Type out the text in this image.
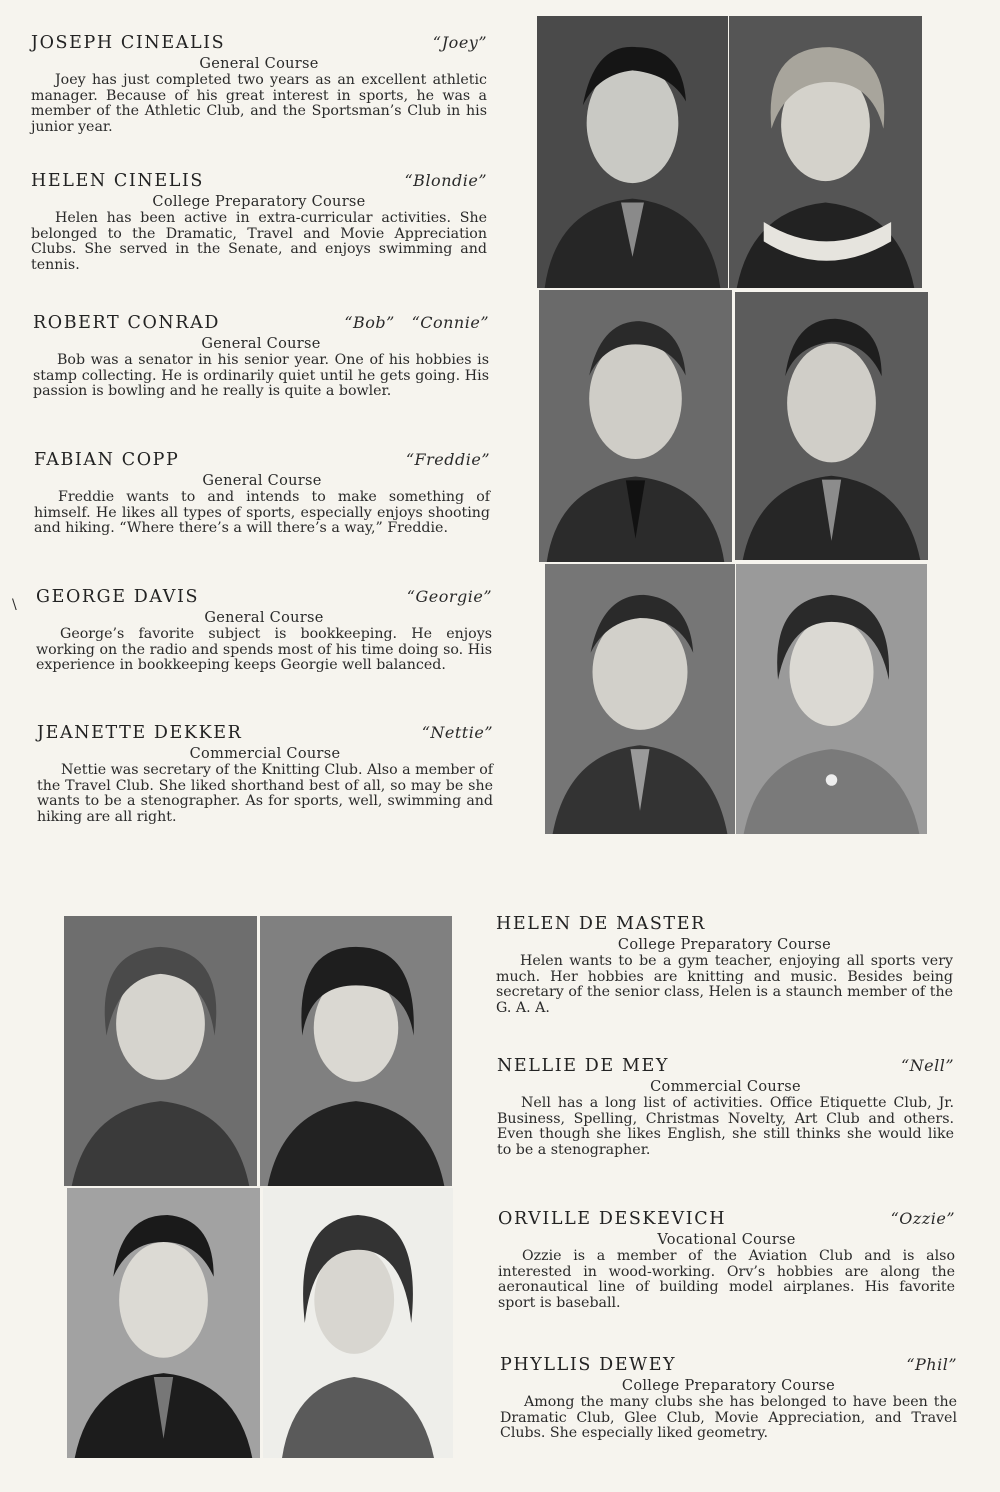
\
JOSEPH CINEALIS	“Joey”
General Course
Joey has just completed two years as an excellent athletic manager. Because of his great interest in sports, he was a member of the Athletic Club, and the Sportsman’s Club in his junior year.
HELEN CINELIS	“Blondie”
College Preparatory Course
Helen has been active in extra-curricular activities. She belonged to the Dramatic, Travel and Movie Appreciation Clubs. She served in the Senate, and enjoys swimming and tennis.
ROBERT CONRAD	“Bob”   “Connie”
General Course
Bob was a senator in his senior year. One of his hobbies is stamp collecting. He is ordinarily quiet until he gets going. His passion is bowling and he really is quite a bowler.
FABIAN COPP	“Freddie”
General Course
Freddie wants to and intends to make something of himself. He likes all types of sports, especially enjoys shooting and hiking. “Where there’s a will there’s a way,” Freddie.
GEORGE DAVIS	“Georgie”
General Course
George’s favorite subject is bookkeeping. He enjoys working on the radio and spends most of his time doing so. His experience in bookkeeping keeps Georgie well balanced.
JEANETTE DEKKER	“Nettie”
Commercial Course
Nettie was secretary of the Knitting Club. Also a member of the Travel Club. She liked shorthand best of all, so may be she wants to be a stenographer. As for sports, well, swimming and hiking are all right.
HELEN DE MASTER
College Preparatory Course
Helen wants to be a gym teacher, enjoying all sports very much. Her hobbies are knitting and music. Besides being secretary of the senior class, Helen is a staunch member of the G. A. A.
NELLIE DE MEY	“Nell”
Commercial Course
Nell has a long list of activities. Office Etiquette Club, Jr. Business, Spelling, Christmas Novelty, Art Club and others. Even though she likes English, she still thinks she would like to be a stenographer.
ORVILLE DESKEVICH	“Ozzie”
Vocational Course
Ozzie is a member of the Aviation Club and is also interested in wood-working. Orv’s hobbies are along the aeronautical line of building model airplanes. His favorite sport is baseball.
PHYLLIS DEWEY	“Phil”
College Preparatory Course
Among the many clubs she has belonged to have been the Dramatic Club, Glee Club, Movie Appreciation, and Travel Clubs. She especially liked geometry.
